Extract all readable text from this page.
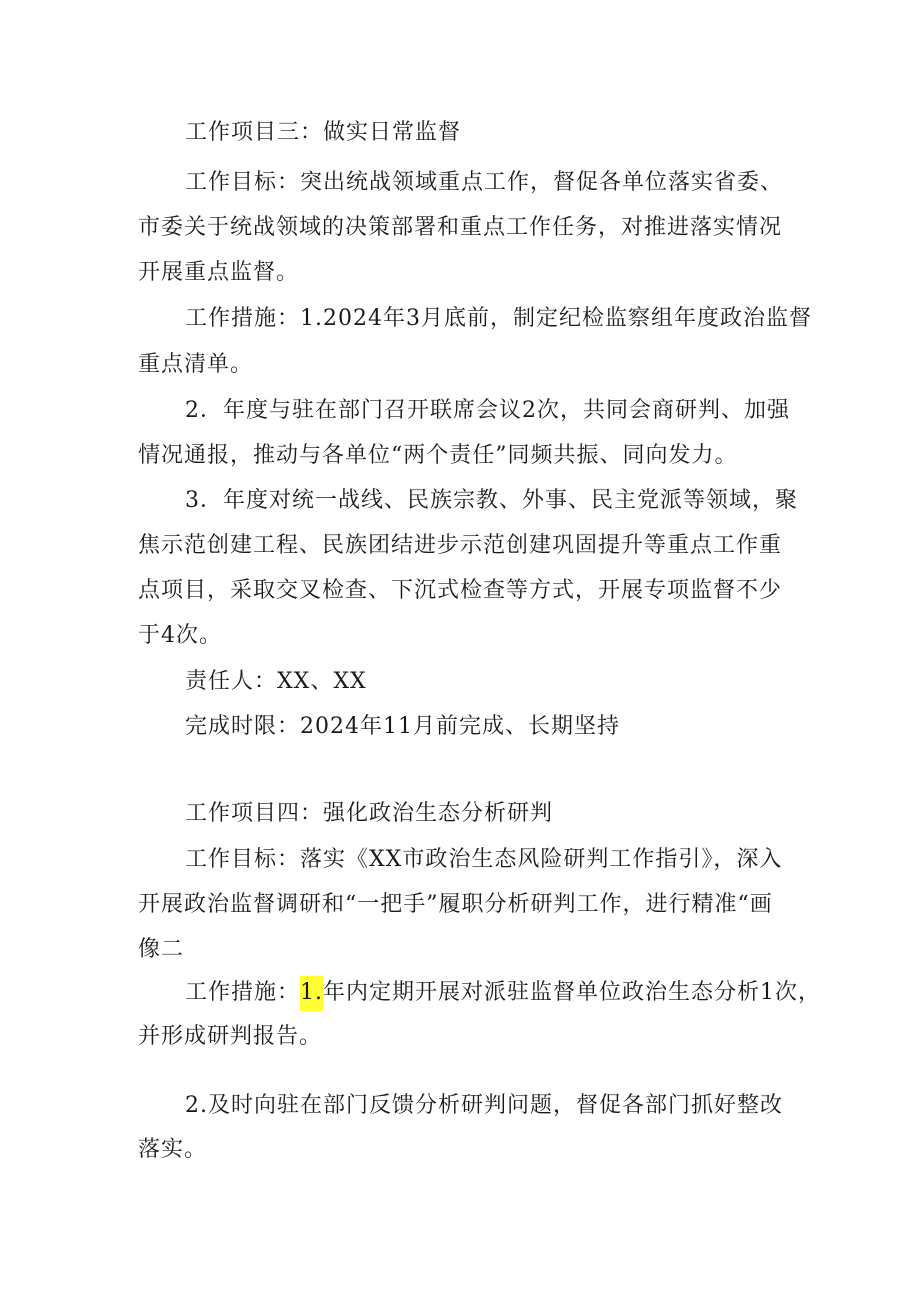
工作项目三：做实日常监督
工作目标：突出统战领域重点工作，督促各单位落实省委、
市委关于统战领域的决策部署和重点工作任务，对推进落实情况
开展重点监督。
工作措施：1.2024年3月底前，制定纪检监察组年度政治监督
重点清单。
2．年度与驻在部门召开联席会议2次，共同会商研判、加强
情况通报，推动与各单位“两个责任”同频共振、同向发力。
3．年度对统一战线、民族宗教、外事、民主党派等领域，聚
焦示范创建工程、民族团结进步示范创建巩固提升等重点工作重
点项目，采取交叉检查、下沉式检查等方式，开展专项监督不少
于4次。
责任人：XX、XX
完成时限：2024年11月前完成、长期坚持
工作项目四：强化政治生态分析研判
工作目标：落实《XX市政治生态风险研判工作指引》，深入
开展政治监督调研和“一把手”履职分析研判工作，进行精准“画
像二
工作措施：1.年内定期开展对派驻监督单位政治生态分析1次，
并形成研判报告。
2.及时向驻在部门反馈分析研判问题，督促各部门抓好整改
落实。
